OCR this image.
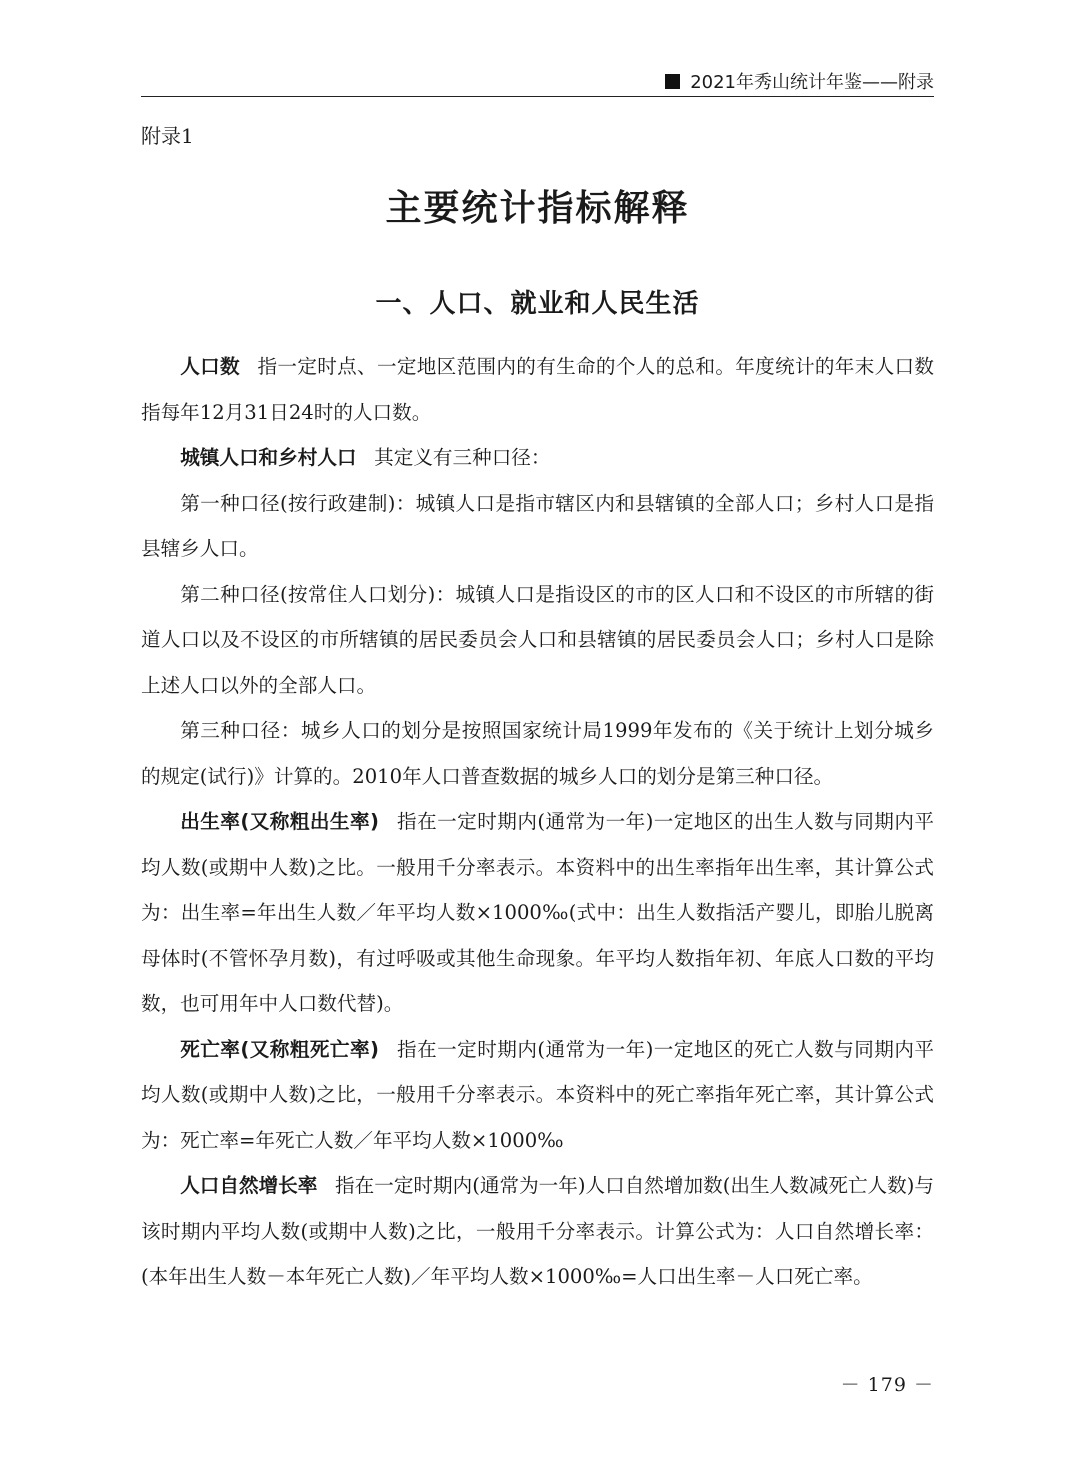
2021年秀山统计年鉴——附录
附录1
主要统计指标解释
一、人口、就业和人民生活

人口数 指一定时点、一定地区范围内的有生命的个人的总和。年度统计的年末人口数指每年12月31日24时的人口数。

城镇人口和乡村人口 其定义有三种口径：

第一种口径(按行政建制)：城镇人口是指市辖区内和县辖镇的全部人口；乡村人口是指县辖乡人口。

第二种口径(按常住人口划分)：城镇人口是指设区的市的区人口和不设区的市所辖的街道人口以及不设区的市所辖镇的居民委员会人口和县辖镇的居民委员会人口；乡村人口是除上述人口以外的全部人口。

第三种口径：城乡人口的划分是按照国家统计局1999年发布的《关于统计上划分城乡的规定(试行)》计算的。2010年人口普查数据的城乡人口的划分是第三种口径。

出生率(又称粗出生率) 指在一定时期内(通常为一年)一定地区的出生人数与同期内平均人数(或期中人数)之比。一般用千分率表示。本资料中的出生率指年出生率，其计算公式为：出生率=年出生人数／年平均人数×1000‰(式中：出生人数指活产婴儿，即胎儿脱离母体时(不管怀孕月数)，有过呼吸或其他生命现象。年平均人数指年初、年底人口数的平均数，也可用年中人口数代替)。

死亡率(又称粗死亡率) 指在一定时期内(通常为一年)一定地区的死亡人数与同期内平均人数(或期中人数)之比，一般用千分率表示。本资料中的死亡率指年死亡率，其计算公式为：死亡率=年死亡人数／年平均人数×1000‰

人口自然增长率 指在一定时期内(通常为一年)人口自然增加数(出生人数减死亡人数)与该时期内平均人数(或期中人数)之比，一般用千分率表示。计算公式为：人口自然增长率：(本年出生人数－本年死亡人数)／年平均人数×1000‰=人口出生率－人口死亡率。

－ 179 －
